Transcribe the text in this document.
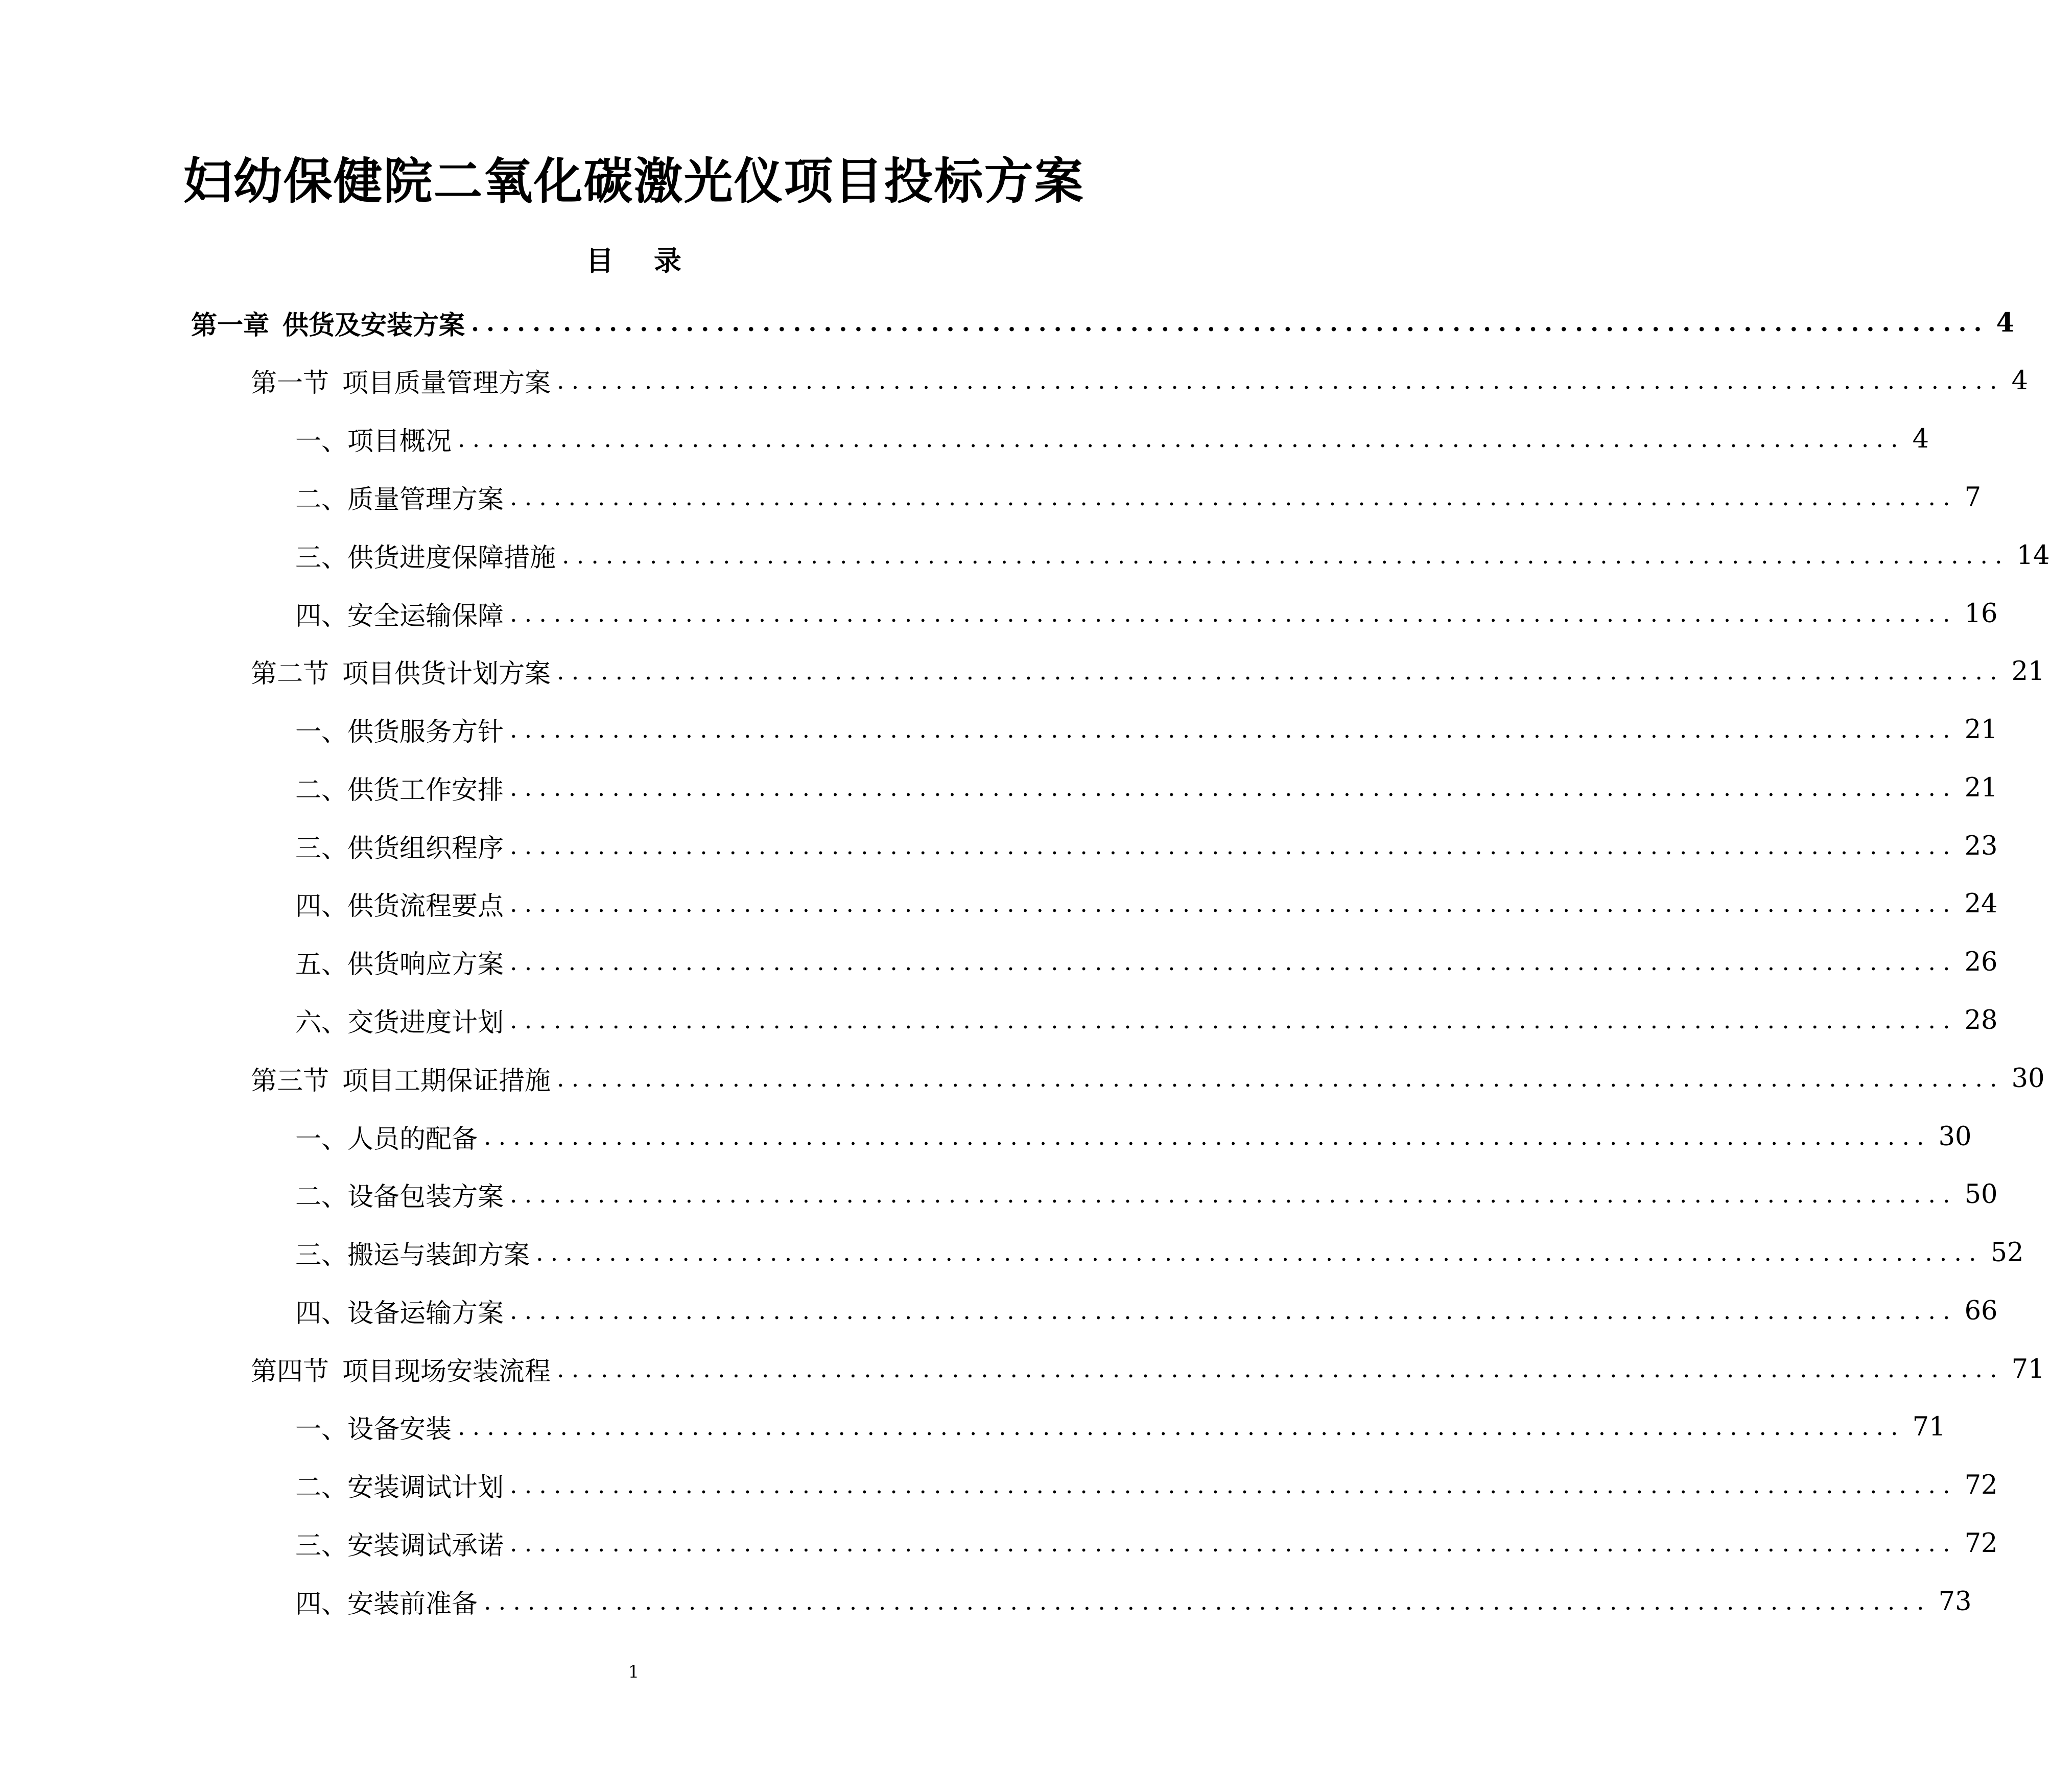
妇幼保健院二氧化碳激光仪项目投标方案
目 录
第一章 供货及安装方案 ................................................................................................... 4
第一节 项目质量管理方案 ................................................................................................... 4
一、项目概况 ................................................................................................... 4
二、质量管理方案 ................................................................................................... 7
三、供货进度保障措施 ................................................................................................... 14
四、安全运输保障 ................................................................................................... 16
第二节 项目供货计划方案 ................................................................................................... 21
一、供货服务方针 ................................................................................................... 21
二、供货工作安排 ................................................................................................... 21
三、供货组织程序 ................................................................................................... 23
四、供货流程要点 ................................................................................................... 24
五、供货响应方案 ................................................................................................... 26
六、交货进度计划 ................................................................................................... 28
第三节 项目工期保证措施 ................................................................................................... 30
一、人员的配备 ................................................................................................... 30
二、设备包装方案 ................................................................................................... 50
三、搬运与装卸方案 ................................................................................................... 52
四、设备运输方案 ................................................................................................... 66
第四节 项目现场安装流程 ................................................................................................... 71
一、设备安装 ................................................................................................... 71
二、安装调试计划 ................................................................................................... 72
三、安装调试承诺 ................................................................................................... 72
四、安装前准备 ................................................................................................... 73
1
